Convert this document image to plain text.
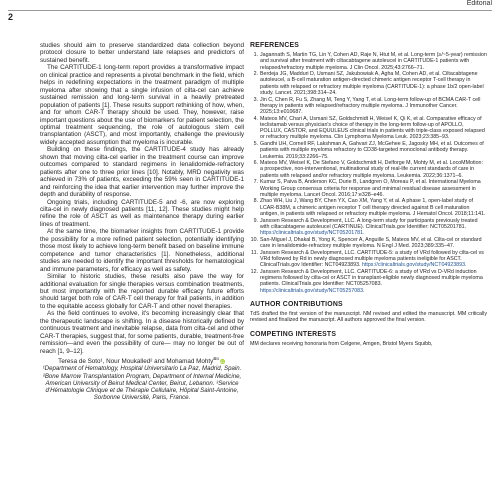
Editorial
2

studies should aim to preserve standardized data collection beyond protocol closure to better understand late relapses and predictors of sustained benefit.

The CARTITUDE-1 long-term report provides a transformative impact on clinical practice and represents a pivotal benchmark in the field, which helps in redefining expectations in the treatment paradigm of multiple myeloma after showing that a single infusion of cilta-cel can achieve sustained remission and long-term survival in a heavily pretreated population of patients [1]. These results support rethinking of how, when, and for whom CAR-T therapy should be used. They, however, raise important questions about the use of biomarkers for patient selection, the optimal treatment sequencing, the role of autologous stem cell transplantation (ASCT), and most importantly, challenge the previously widely accepted assumption that myeloma is incurable.

Building on these findings, the CARTITUDE-4 study has already shown that moving cilta-cel earlier in the treatment course can improve outcomes compared to standard regimens in lenalidomide-refractory patients after one to three prior lines [10]. Notably, MRD negativity was achieved in 73% of patients, exceeding the 59% seen in CARTITUDE-1 and reinforcing the idea that earlier intervention may further improve the depth and durability of response.

Ongoing trials, including CARTITUDE-5 and -6, are now exploring cilta-cel in newly diagnosed patients [11, 12]. These studies might help refine the role of ASCT as well as maintenance therapy during earlier lines of treatment.

At the same time, the biomarker insights from CARTITUDE-1 provide the possibility for a more refined patient selection, potentially identifying those most likely to achieve long-term benefit based on baseline immune competence and tumor characteristics [1]. Nonetheless, additional studies are needed to identify the important thresholds for hematological and immune parameters, for efficacy as well as safety.

Similar to historic studies, these results also pave the way for additional evaluation for single therapies versus combination treatments, but most importantly with the reported durable efficacy future efforts should target both role of CAR-T cell therapy for frail patients, in addition to the equitable access globally for CAR-T and other novel therapies.

As the field continues to evolve, it's becoming increasingly clear that the therapeutic landscape is shifting. In a disease historically defined by continuous treatment and inevitable relapse, data from cilta-cel and other CAR-T therapies, suggest that, for some patients, durable, treatment-free remission—and even the possibility of cure— may no longer be out of reach [1, 9–12].

Teresa de Soto¹, Nour Moukalled² and Mohamad Mohty$^{⊠3}$iD
¹Department of Hematology, Hospital Universitario La Paz, Madrid, Spain. ²Bone Marrow Transplantation Program, Department of Internal Medicine, American University of Beirut Medical Center, Beirut, Lebanon. ³Service d'Hématologie Clinique et de Thérapie Cellulaire, Hôpital Saint-Antoine, Sorbonne Université, Paris, France.
REFERENCES
1. Jagannath S, Martin TG, Lin Y, Cohen AD, Raje N, Htut M, et al. Long-term (≥/~5-year) remission and survival after treatment with ciltacabtagene autoleucel in CARTITUDE-1 patients with relapsed/refractory multiple myeloma. J Clin Oncol. 2025;43:2766–71.
2. Berdeja JG, Madduri D, Usmani SZ, Jakubowiak A, Agha M, Cohen AD, et al. Ciltacabtagene autoleucel, a B-cell maturation antigen-directed chimeric antigen receptor T-cell therapy in patients with relapsed or refractory multiple myeloma (CARTITUDE-1): a phase 1b/2 open-label study. Lancet. 2021;398:314–24.
3. Jin C, Chen R, Fu S, Zhang M, Teng Y, Yang T, et al. Long-term follow-up of BCMA CAR-T cell therapy in patients with relapsed/refractory multiple myeloma. J Immunother Cancer. 2025;13:e010687.
4. Mateos MV, Chari A, Usmani SZ, Goldschmidt H, Weisel K, Qi K, et al. Comparative efficacy of teclistamab versus physician's choice of therapy in the long-term follow-up of APOLLO, POLLUX, CASTOR, and EQUULEUS clinical trials in patients with triple-class exposed relapsed or refractory multiple myeloma. Clin Lymphoma Myeloma Leuk. 2023;23:385–93.
5. Gandhi UH, Cornell RF, Lakshman A, Gahvari ZJ, McGehee E, Jagosky MH, et al. Outcomes of patients with multiple myeloma refractory to CD38-targeted monoclonal antibody therapy. Leukemia. 2019;33:2266–75.
6. Mateos MV, Weisel K, De Stefano V, Goldschmidt H, Delforge M, Mohty M, et al. LocoMMotion: a prospective, non-interventional, multinational study of real-life current standards of care in patients with relapsed and/or refractory multiple myeloma. Leukemia. 2022;36:1371–6.
7. Kumar S, Paiva B, Anderson KC, Durie B, Landgren O, Moreau P, et al. International Myeloma Working Group consensus criteria for response and minimal residual disease assessment in multiple myeloma. Lancet Oncol. 2016;17:e328–e46.
8. Zhao WH, Liu J, Wang BY, Chen YX, Cao XM, Yang Y, et al. A phase 1, open-label study of LCAR-B38M, a chimeric antigen receptor T cell therapy directed against B cell maturation antigen, in patients with relapsed or refractory multiple myeloma. J Hematol Oncol. 2018;11:141.
9. Janssen Research & Development, LLC. A long-term study for participants previously treated with ciltacabtagene autoleucel (CARTINUE). ClinicalTrials.gov Identifier: NCT05201781. https://clinicaltrials.gov/study/NCT05201781.
10. San-Miguel J, Dhakal B, Yong K, Spencer A, Anguille S, Mateos MV, et al. Cilta-cel or standard care in lenalidomide-refractory multiple myeloma. N Engl J Med. 2023;389:335–47.
11. Janssen Research & Development, LLC. CARTITUDE-5: a study of VRd followed by cilta-cel vs VRd followed by Rd in newly diagnosed multiple myeloma patients ineligible for ASCT. ClinicalTrials.gov Identifier: NCT04923893. https://clinicaltrials.gov/study/NCT04923893.
12. Janssen Research & Development, LLC. CARTITUDE-6: a study of VRd vs D-VRd induction regimens followed by cilta-cel or ASCT in transplant-eligible newly diagnosed multiple myeloma patients. ClinicalTrials.gov Identifier: NCT05257083. https://clinicaltrials.gov/study/NCT05257083.
AUTHOR CONTRIBUTIONS

TdS drafted the first version of the manuscript. NM revised and edited the manuscript. MM critically revised and finalized the manuscript. All authors approved the final version.

COMPETING INTERESTS

MM declares receiving honoraria from Celgene, Amgen, Bristol Myers Squibb,
